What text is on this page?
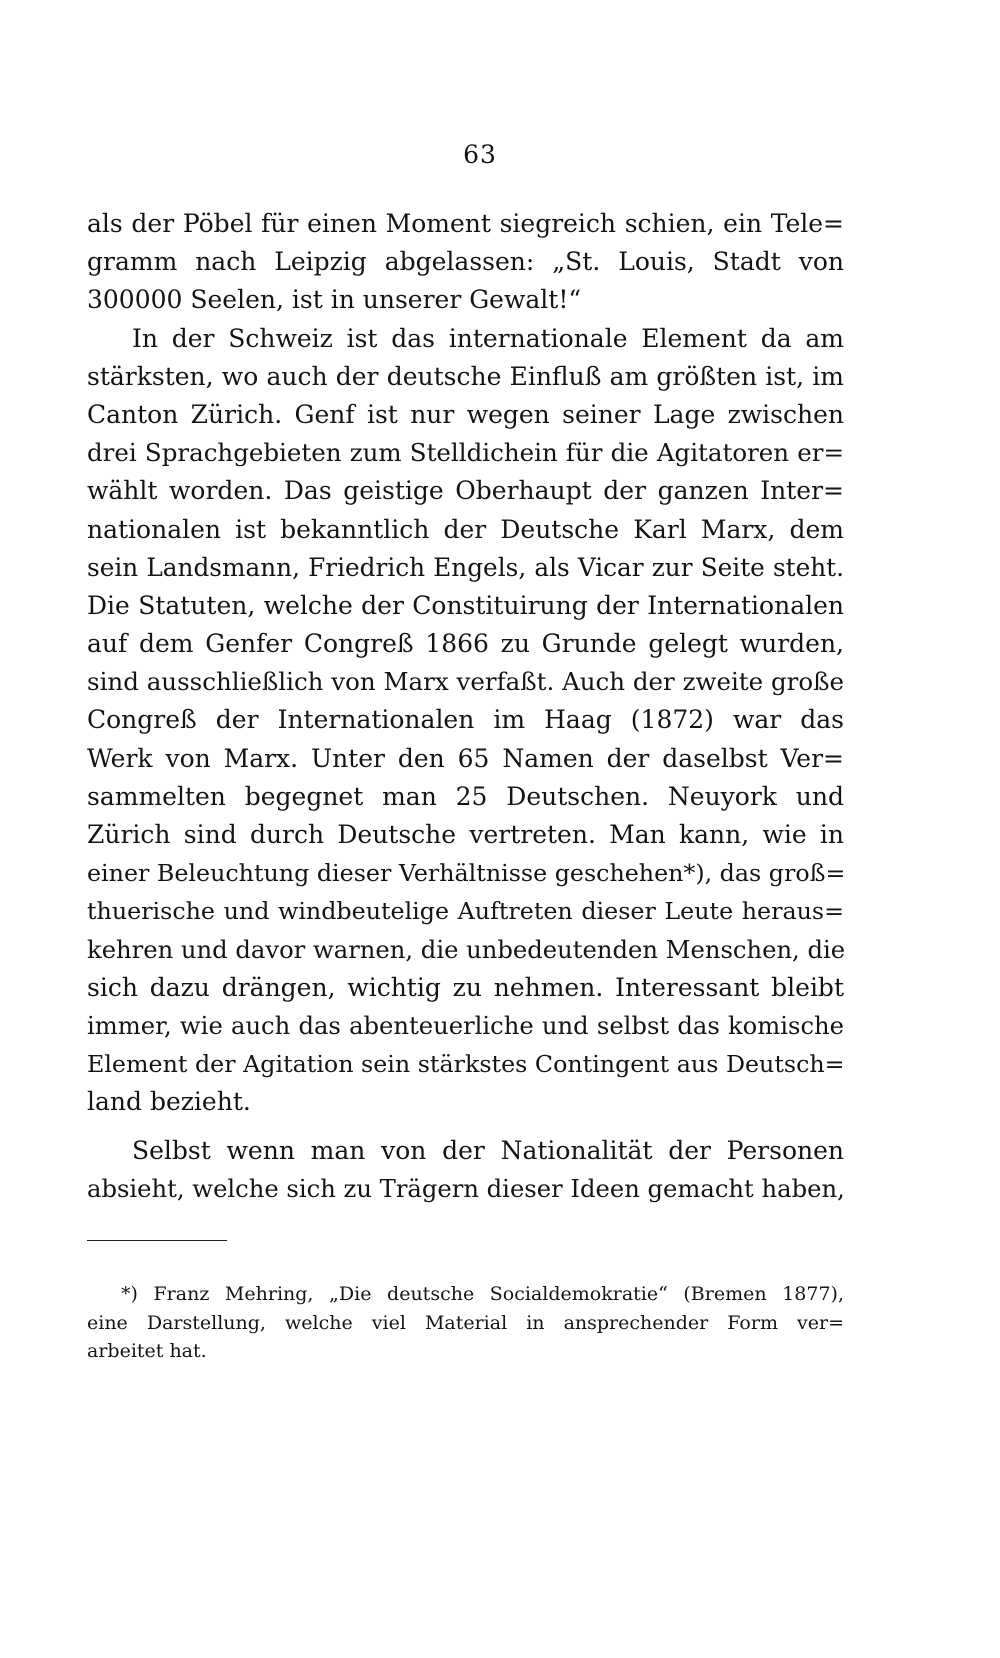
63
als der Pöbel für einen Moment siegreich schien, ein Tele=
gramm nach Leipzig abgelassen: „St. Louis, Stadt von
300000 Seelen, ist in unserer Gewalt!“
In der Schweiz ist das internationale Element da am
stärksten, wo auch der deutsche Einfluß am größten ist, im
Canton Zürich. Genf ist nur wegen seiner Lage zwischen
drei Sprachgebieten zum Stelldichein für die Agitatoren er=
wählt worden. Das geistige Oberhaupt der ganzen Inter=
nationalen ist bekanntlich der Deutsche Karl Marx, dem
sein Landsmann, Friedrich Engels, als Vicar zur Seite steht.
Die Statuten, welche der Constituirung der Internationalen
auf dem Genfer Congreß 1866 zu Grunde gelegt wurden,
sind ausschließlich von Marx verfaßt. Auch der zweite große
Congreß der Internationalen im Haag (1872) war das
Werk von Marx. Unter den 65 Namen der daselbst Ver=
sammelten begegnet man 25 Deutschen. Neuyork und
Zürich sind durch Deutsche vertreten. Man kann, wie in
einer Beleuchtung dieser Verhältnisse geschehen*), das groß=
thuerische und windbeutelige Auftreten dieser Leute heraus=
kehren und davor warnen, die unbedeutenden Menschen, die
sich dazu drängen, wichtig zu nehmen. Interessant bleibt
immer, wie auch das abenteuerliche und selbst das komische
Element der Agitation sein stärkstes Contingent aus Deutsch=
land bezieht.
Selbst wenn man von der Nationalität der Personen
absieht, welche sich zu Trägern dieser Ideen gemacht haben,
*) Franz Mehring, „Die deutsche Socialdemokratie“ (Bremen 1877),
eine Darstellung, welche viel Material in ansprechender Form ver=
arbeitet hat.
